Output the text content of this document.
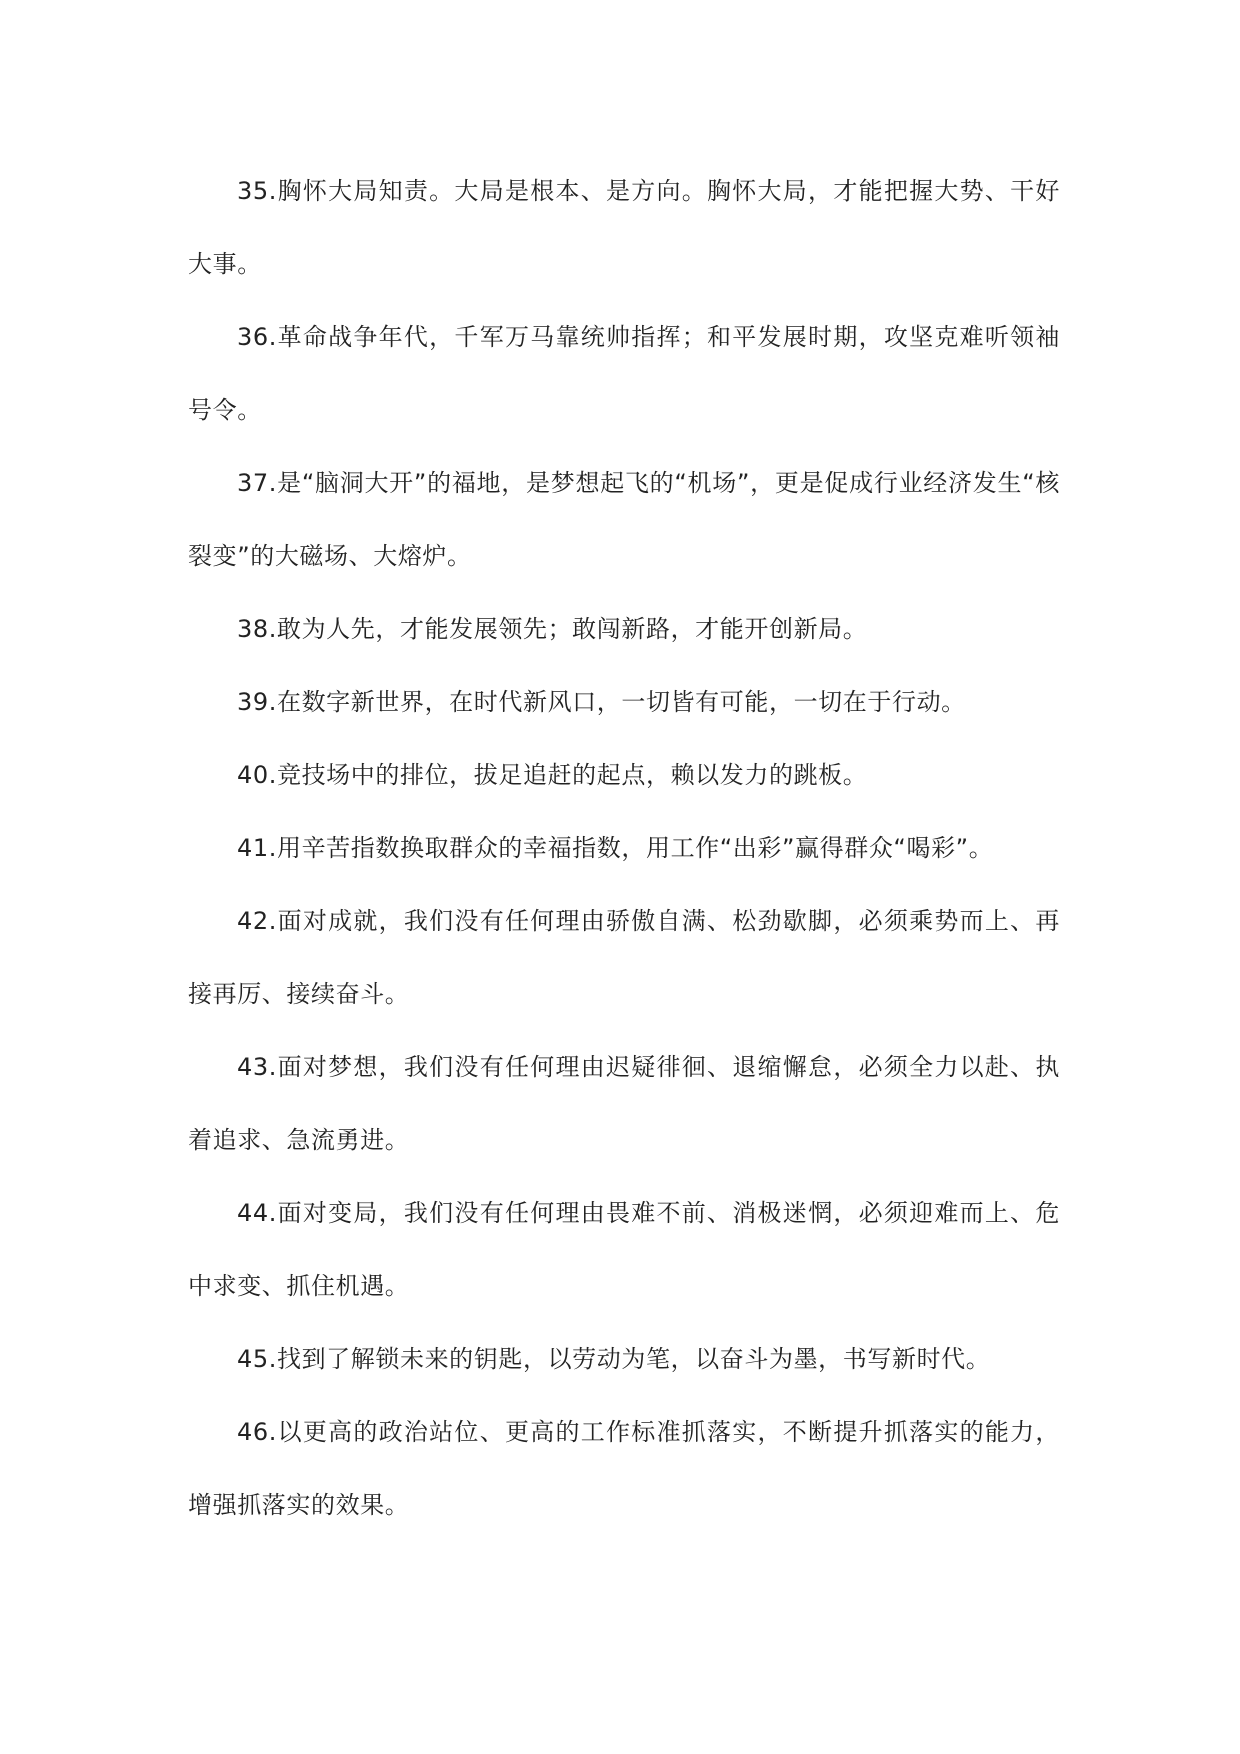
35.胸怀大局知责。大局是根本、是方向。胸怀大局，才能把握大势、干好大事。

36.革命战争年代，千军万马靠统帅指挥；和平发展时期，攻坚克难听领袖号令。

37.是“脑洞大开”的福地，是梦想起飞的“机场”，更是促成行业经济发生“核裂变”的大磁场、大熔炉。

38.敢为人先，才能发展领先；敢闯新路，才能开创新局。

39.在数字新世界，在时代新风口，一切皆有可能，一切在于行动。

40.竞技场中的排位，拔足追赶的起点，赖以发力的跳板。

41.用辛苦指数换取群众的幸福指数，用工作“出彩”赢得群众“喝彩”。

42.面对成就，我们没有任何理由骄傲自满、松劲歇脚，必须乘势而上、再接再厉、接续奋斗。

43.面对梦想，我们没有任何理由迟疑徘徊、退缩懈怠，必须全力以赴、执着追求、急流勇进。

44.面对变局，我们没有任何理由畏难不前、消极迷惘，必须迎难而上、危中求变、抓住机遇。

45.找到了解锁未来的钥匙，以劳动为笔，以奋斗为墨，书写新时代。

46.以更高的政治站位、更高的工作标准抓落实，不断提升抓落实的能力，增强抓落实的效果。
